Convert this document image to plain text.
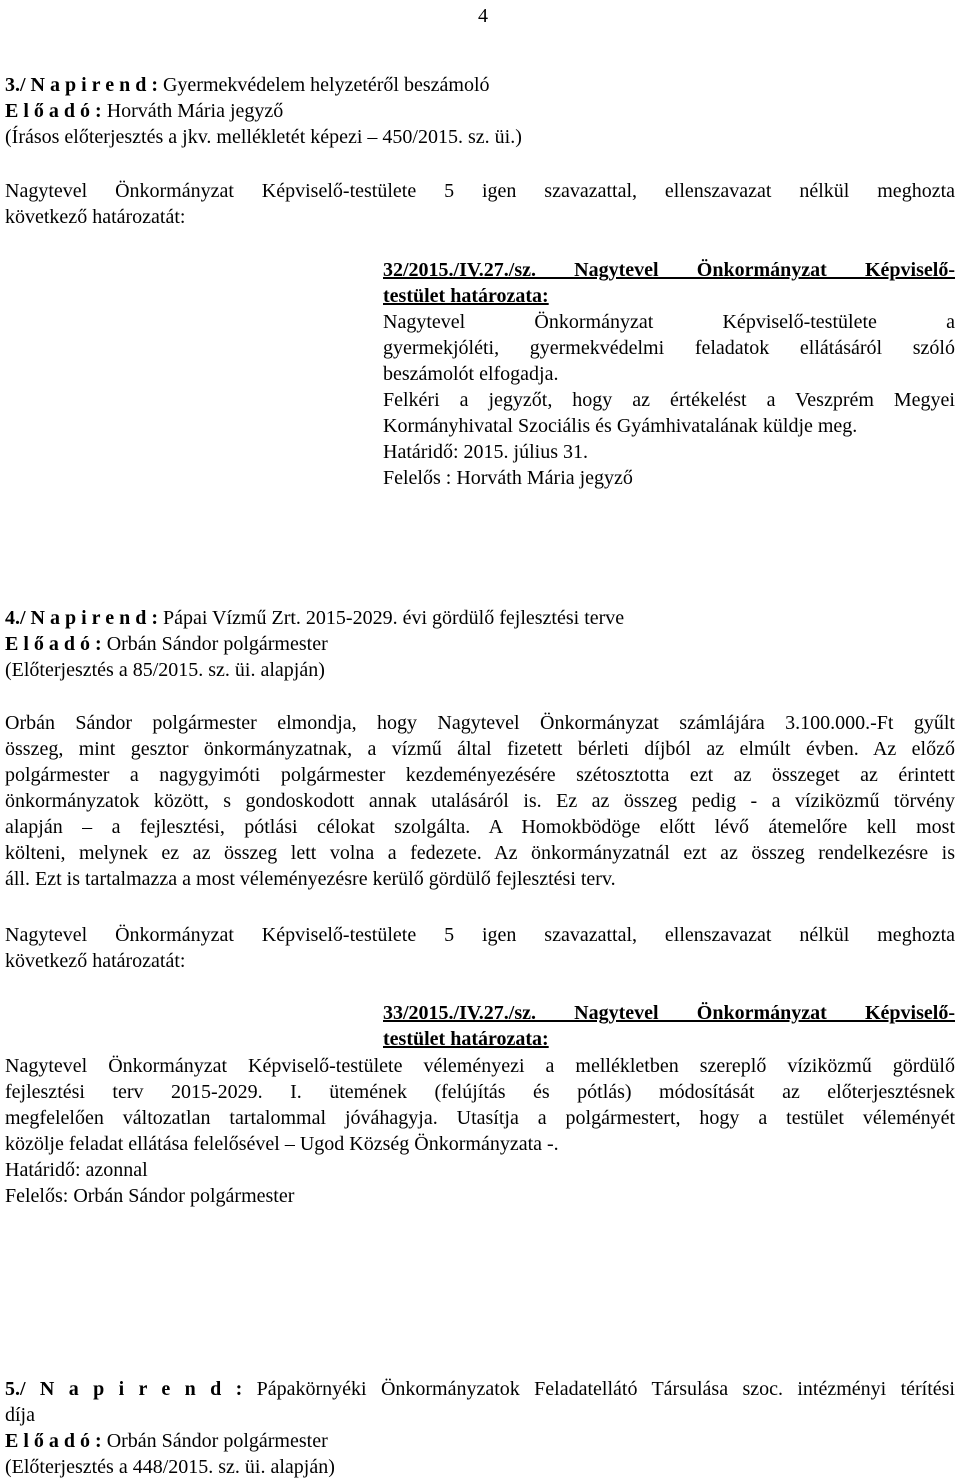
4
3./ N a p i r e n d : Gyermekvédelem helyzetéről beszámoló
E l ő a d ó : Horváth Mária jegyző
(Írásos előterjesztés a jkv. mellékletét képezi – 450/2015. sz. üi.)
Nagytevel Önkormányzat Képviselő-testülete 5 igen szavazattal, ellenszavazat nélkül meghozta
következő határozatát:
32/2015./IV.27./sz. Nagytevel Önkormányzat Képviselő-
testület határozata:
Nagytevel Önkormányzat Képviselő-testülete a
gyermekjóléti, gyermekvédelmi feladatok ellátásáról szóló
beszámolót elfogadja.
Felkéri a jegyzőt, hogy az értékelést a Veszprém Megyei
Kormányhivatal Szociális és Gyámhivatalának küldje meg.
Határidő: 2015. július 31.
Felelős : Horváth Mária jegyző
4./ N a p i r e n d : Pápai Vízmű Zrt. 2015-2029. évi gördülő fejlesztési terve
E l ő a d ó : Orbán Sándor polgármester
(Előterjesztés a 85/2015. sz. üi. alapján)
Orbán Sándor polgármester elmondja, hogy Nagytevel Önkormányzat számlájára 3.100.000.-Ft gyűlt
összeg, mint gesztor önkormányzatnak, a vízmű által fizetett bérleti díjból az elmúlt évben. Az előző
polgármester a nagygyimóti polgármester kezdeményezésére szétosztotta ezt az összeget az érintett
önkormányzatok között, s gondoskodott annak utalásáról is. Ez az összeg pedig - a víziközmű törvény
alapján – a fejlesztési, pótlási célokat szolgálta. A Homokbödöge előtt lévő átemelőre kell most
költeni, melynek ez az összeg lett volna a fedezete. Az önkormányzatnál ezt az összeg rendelkezésre is
áll. Ezt is tartalmazza a most véleményezésre kerülő gördülő fejlesztési terv.
Nagytevel Önkormányzat Képviselő-testülete 5 igen szavazattal, ellenszavazat nélkül meghozta
következő határozatát:
33/2015./IV.27./sz. Nagytevel Önkormányzat Képviselő-
testület határozata:
Nagytevel Önkormányzat Képviselő-testülete véleményezi a mellékletben szereplő víziközmű gördülő
fejlesztési terv 2015-2029. I. ütemének (felújítás és pótlás) módosítását az előterjesztésnek
megfelelően változatlan tartalommal jóváhagyja. Utasítja a polgármestert, hogy a testület véleményét
közölje feladat ellátása felelősével – Ugod Község Önkormányzata -.
Határidő: azonnal
Felelős: Orbán Sándor polgármester
5./ N a p i r e n d : Pápakörnyéki Önkormányzatok Feladatellátó Társulása szoc. intézményi térítési
díja
E l ő a d ó : Orbán Sándor polgármester
(Előterjesztés a 448/2015. sz. üi. alapján)
